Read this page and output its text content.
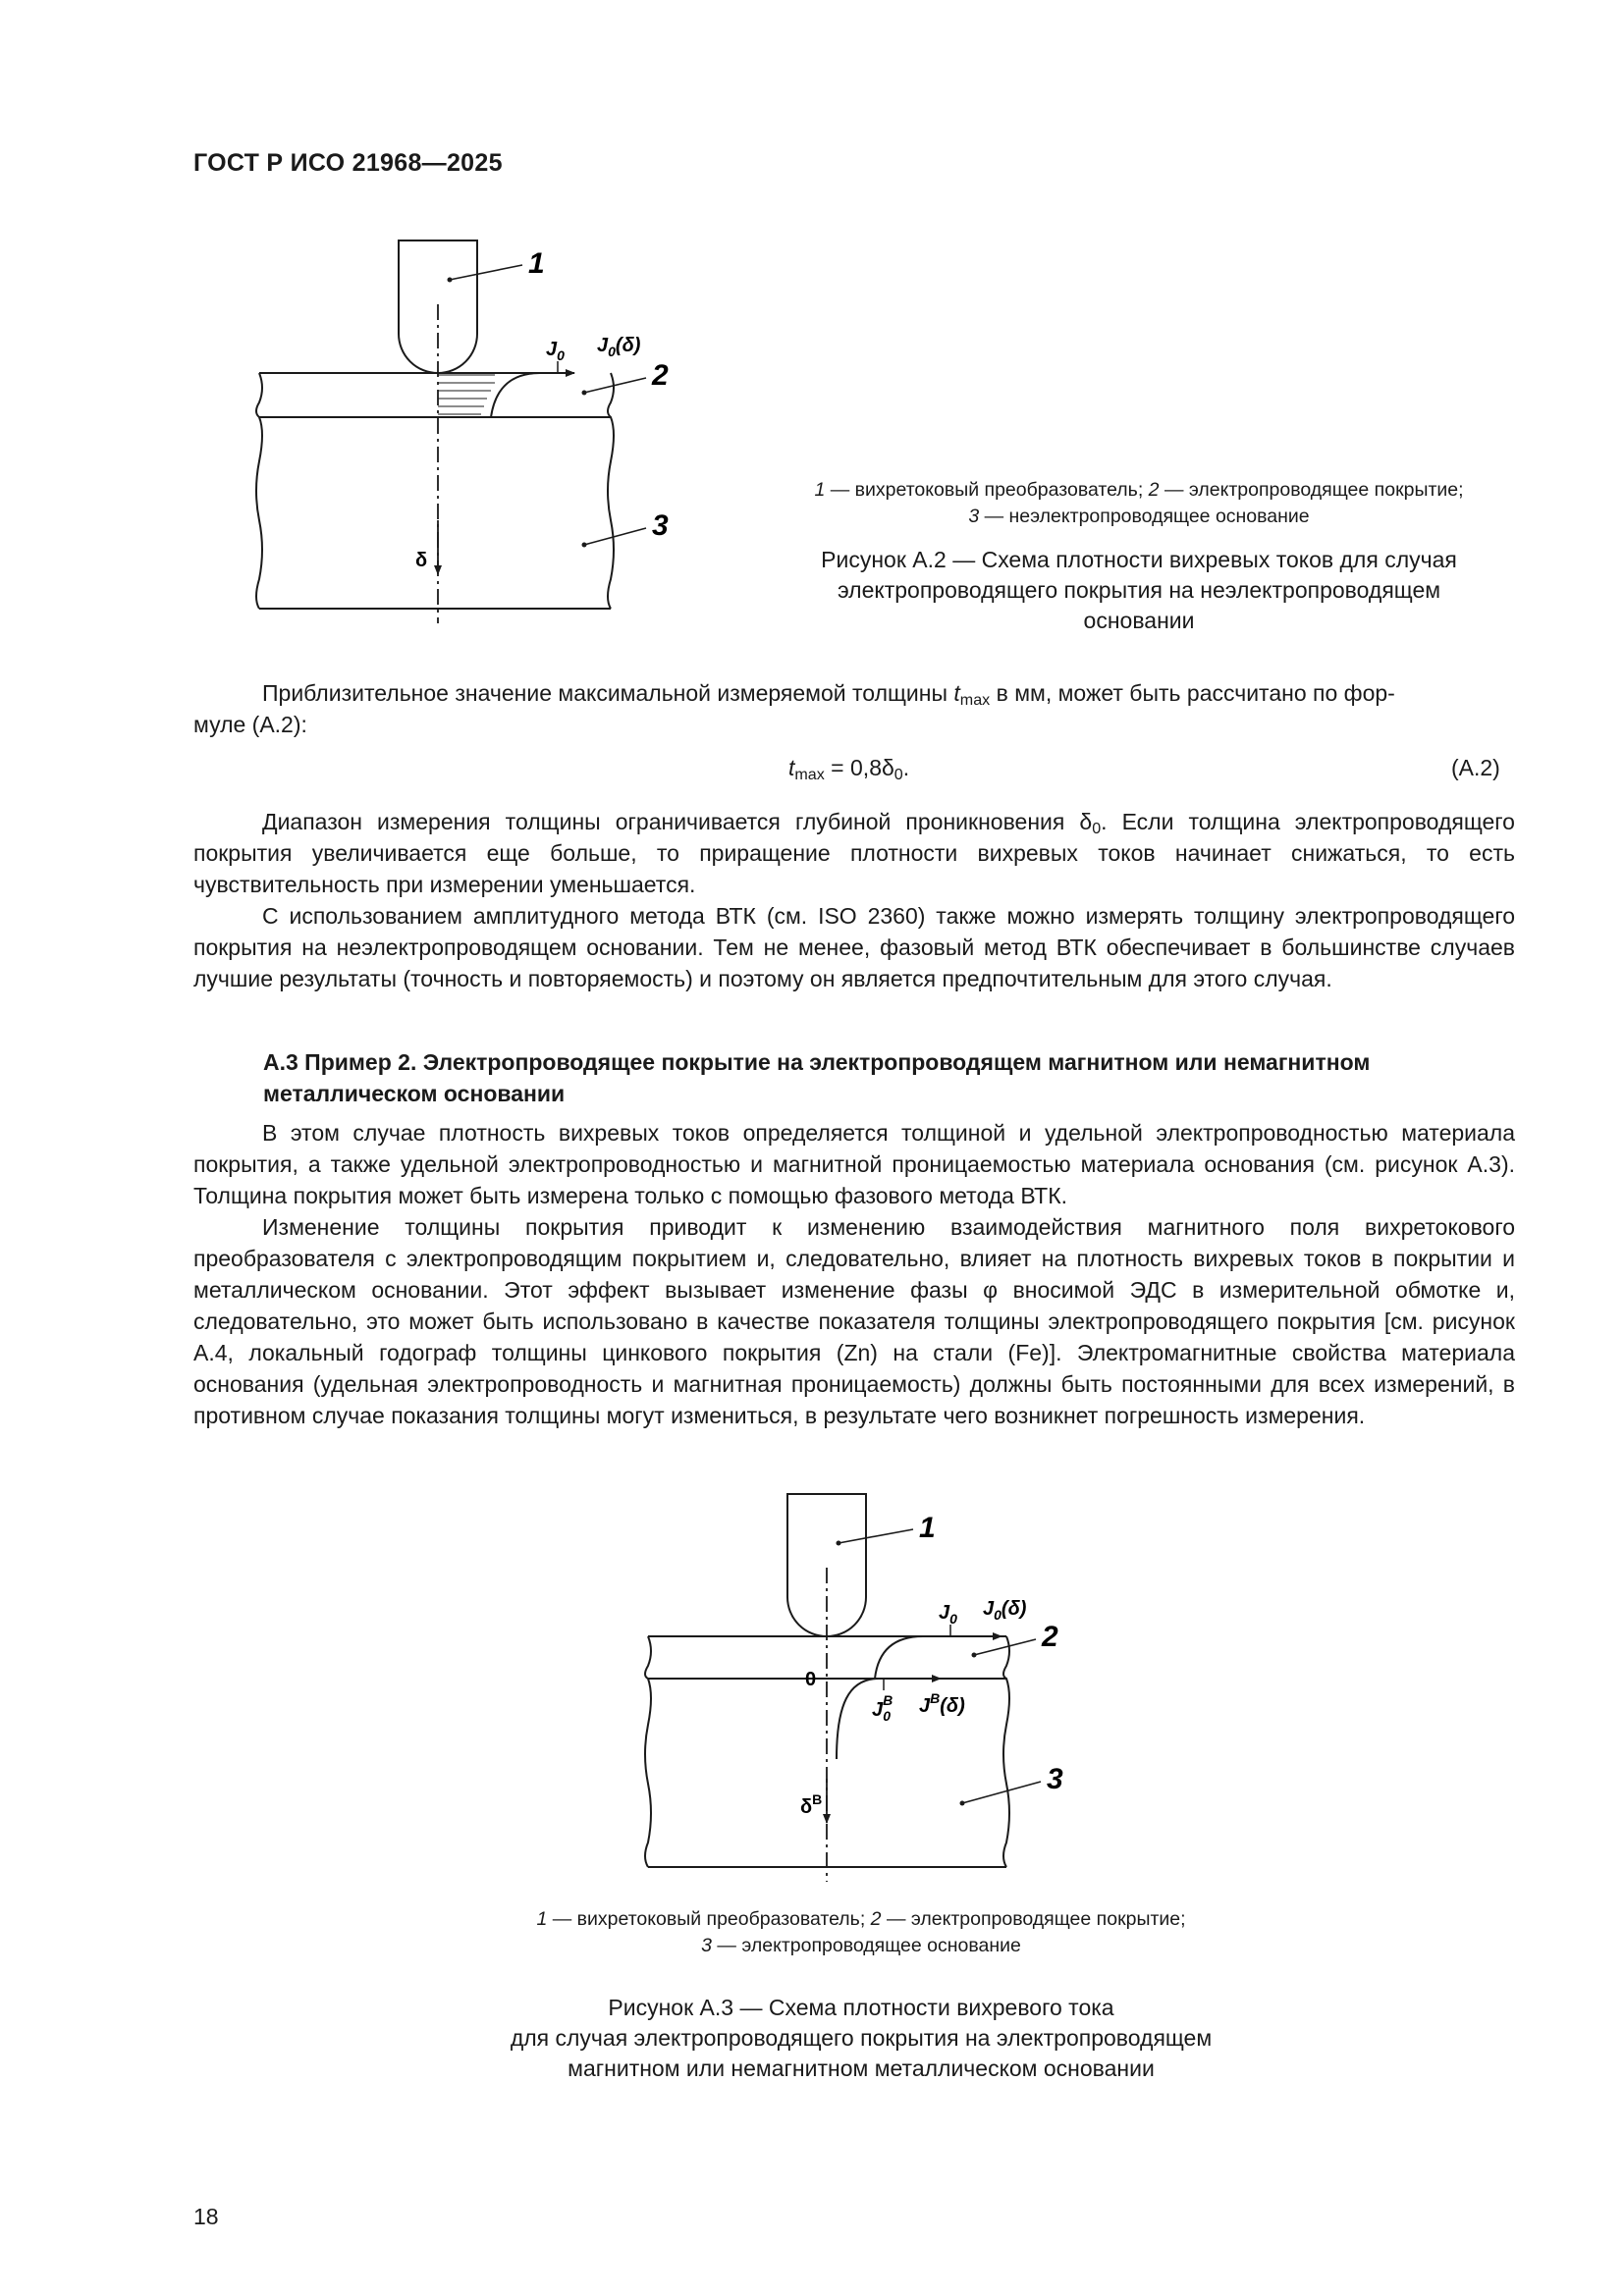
ГОСТ Р ИСО 21968—2025
1
2
3
$J_0$ $J_0(\delta)$
δ
1 — вихретоковый преобразователь; 2 — электропроводящее покрытие;
3 — неэлектропроводящее основание
Рисунок А.2 — Схема плотности вихревых токов для случая
электропроводящего покрытия на неэлектропроводящем
основании

Приблизительное значение максимальной измеряемой толщины $t_{max}$ в мм, может быть рассчитано по фор-

муле (А.2):
$t_{max} = 0,8\delta_0$.	(А.2)

Диапазон измерения толщины ограничивается глубиной проникновения $\delta_0$. Если толщина электропроводящего покрытия увеличивается еще больше, то приращение плотности вихревых токов начинает снижаться, то есть чувствительность при измерении уменьшается.

С использованием амплитудного метода ВТК (см. ISO 2360) также можно измерять толщину электропроводящего покрытия на неэлектропроводящем основании. Тем не менее, фазовый метод ВТК обеспечивает в большинстве случаев лучшие результаты (точность и повторяемость) и поэтому он является предпочтительным для этого случая.

А.3 Пример 2. Электропроводящее покрытие на электропроводящем магнитном или немагнитном
металлическом основании

В этом случае плотность вихревых токов определяется толщиной и удельной электропроводностью материала покрытия, а также удельной электропроводностью и магнитной проницаемостью материала основания (см. рисунок А.3). Толщина покрытия может быть измерена только с помощью фазового метода ВТК.

Изменение толщины покрытия приводит к изменению взаимодействия магнитного поля вихретокового преобразователя с электропроводящим покрытием и, следовательно, влияет на плотность вихревых токов в покрытии и металлическом основании. Этот эффект вызывает изменение фазы φ вносимой ЭДС в измерительной обмотке и, следовательно, это может быть использовано в качестве показателя толщины электропроводящего покрытия [см. рисунок А.4, локальный годограф толщины цинкового покрытия (Zn) на стали (Fe)]. Электромагнитные свойства материала основания (удельная электропроводность и магнитная проницаемость) должны быть постоянными для всех измерений, в противном случае показания толщины могут измениться, в результате чего возникнет погрешность измерения.

1
2
3
0
$J_0$ $J_0(\delta)$
$J^B$ 0 $J^B(\delta)$
$\delta^B$
1 — вихретоковый преобразователь; 2 — электропроводящее покрытие;
3 — электропроводящее основание
Рисунок А.3 — Схема плотности вихревого тока
для случая электропроводящего покрытия на электропроводящем
магнитном или немагнитном металлическом основании
18
